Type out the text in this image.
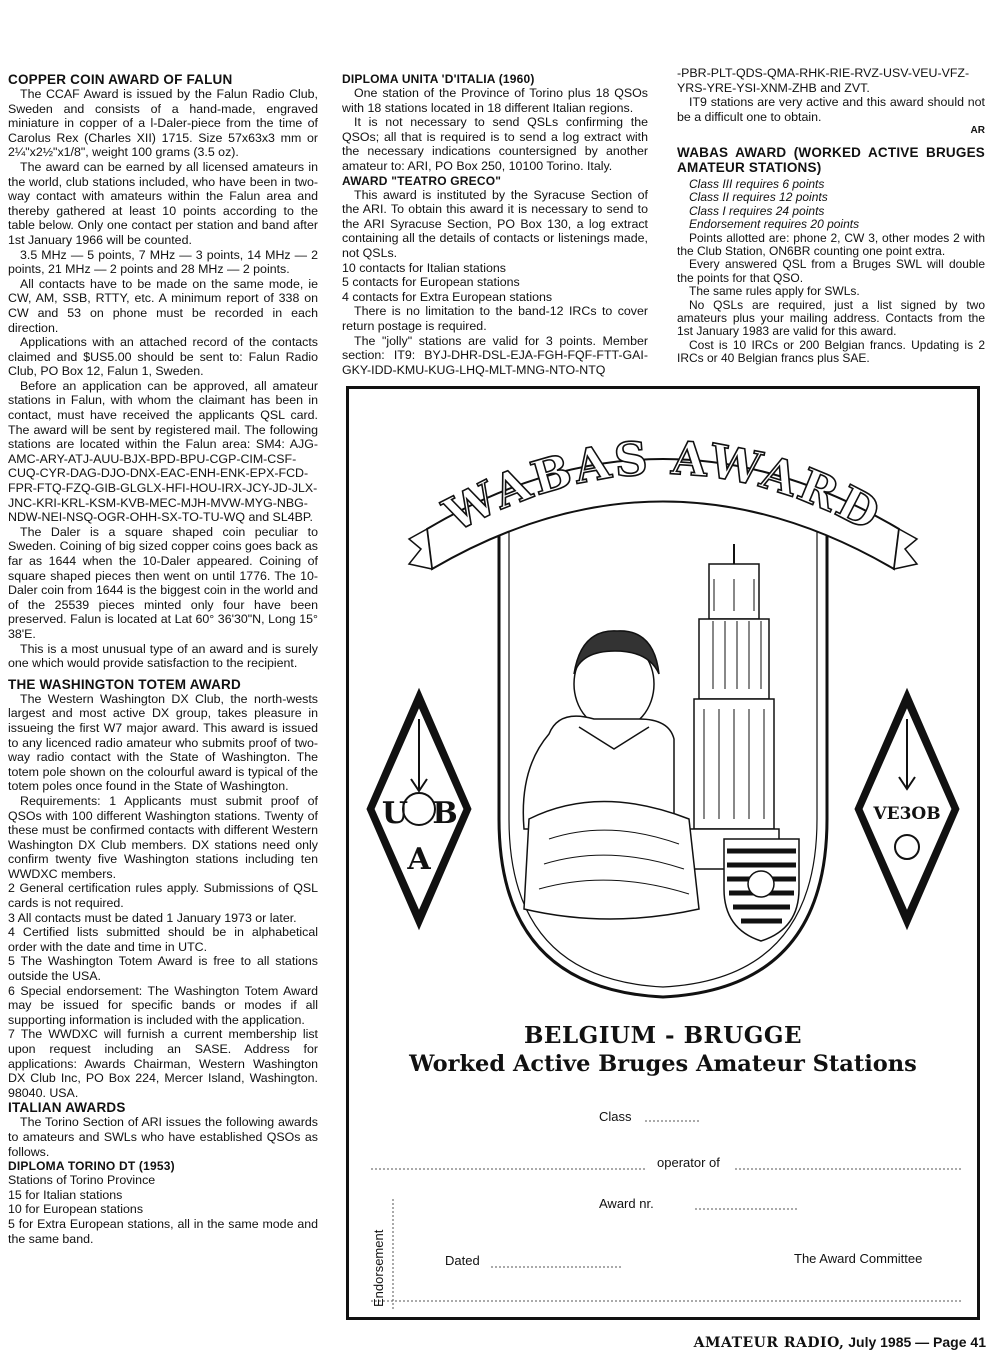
COPPER COIN AWARD OF FALUN

The CCAF Award is issued by the Falun Radio Club, Sweden and consists of a hand-made, engraved miniature in copper of a l-Daler-piece from the time of Carolus Rex (Charles XII) 1715. Size 57x63x3 mm or 2¼"x2½"x1/8", weight 100 grams (3.5 oz).

The award can be earned by all licensed amateurs in the world, club stations included, who have been in two-way contact with amateurs within the Falun area and thereby gathered at least 10 points according to the table below. Only one contact per station and band after 1st January 1966 will be counted.

3.5 MHz — 5 points, 7 MHz — 3 points, 14 MHz — 2 points, 21 MHz — 2 points and 28 MHz — 2 points.

All contacts have to be made on the same mode, ie CW, AM, SSB, RTTY, etc. A minimum report of 338 on CW and 53 on phone must be recorded in each direction.

Applications with an attached record of the contacts claimed and $US5.00 should be sent to: Falun Radio Club, PO Box 12, Falun 1, Sweden.

Before an application can be approved, all amateur stations in Falun, with whom the claimant has been in contact, must have received the applicants QSL card. The award will be sent by registered mail. The following stations are located within the Falun area: SM4: AJG-AMC-ARY-ATJ-AUU-BJX-BPD-BPU-CGP-CIM-CSF-CUQ-CYR-DAG-DJO-DNX-EAC-ENH-ENK-EPX-FCD-FPR-FTQ-FZQ-GIB-GLGLX-HFI-HOU-IRX-JCY-JD-JLX-JNC-KRI-KRL-KSM-KVB-MEC-MJH-MVW-MYG-NBG-NDW-NEI-NSQ-OGR-OHH-SX-TO-TU-WQ and SL4BP.

The Daler is a square shaped coin peculiar to Sweden. Coining of big sized copper coins goes back as far as 1644 when the 10-Daler appeared. Coining of square shaped pieces then went on until 1776. The 10-Daler coin from 1644 is the biggest coin in the world and of the 25539 pieces minted only four have been preserved. Falun is located at Lat 60° 36'30"N, Long 15° 38'E.

This is a most unusual type of an award and is surely one which would provide satisfaction to the recipient.

THE WASHINGTON TOTEM AWARD

The Western Washington DX Club, the north-wests largest and most active DX group, takes pleasure in issueing the first W7 major award. This award is issued to any licenced radio amateur who submits proof of two-way radio contact with the State of Washington. The totem pole shown on the colourful award is typical of the totem poles once found in the State of Washington.

Requirements: 1 Applicants must submit proof of QSOs with 100 different Washington stations. Twenty of these must be confirmed contacts with different Western Washington DX Club members. DX stations need only confirm twenty five Washington stations including ten WWDXC members.

2 General certification rules apply. Submissions of QSL cards is not required.

3 All contacts must be dated 1 January 1973 or later.

4 Certified lists submitted should be in alphabetical order with the date and time in UTC.

5 The Washington Totem Award is free to all stations outside the USA.

6 Special endorsement: The Washington Totem Award may be issued for specific bands or modes if all supporting information is included with the application.

7 The WWDXC will furnish a current membership list upon request including an SASE. Address for applications: Awards Chairman, Western Washington DX Club Inc, PO Box 224, Mercer Island, Washington. 98040. USA.

ITALIAN AWARDS

The Torino Section of ARI issues the following awards to amateurs and SWLs who have established QSOs as follows.

DIPLOMA TORINO DT (1953)

Stations of Torino Province

15 for Italian stations

10 for European stations

5 for Extra European stations, all in the same mode and the same band.

DIPLOMA UNITA 'D'ITALIA (1960)

One station of the Province of Torino plus 18 QSOs with 18 stations located in 18 different Italian regions.

It is not necessary to send QSLs confirming the QSOs; all that is required is to send a log extract with the necessary indications countersigned by another amateur to: ARI, PO Box 250, 10100 Torino. Italy.

AWARD "TEATRO GRECO"

This award is instituted by the Syracuse Section of the ARI. To obtain this award it is necessary to send to the ARI Syracuse Section, PO Box 130, a log extract containing all the details of contacts or listenings made, not QSLs.

10 contacts for Italian stations

5 contacts for European stations

4 contacts for Extra European stations

There is no limitation to the band-12 IRCs to cover return postage is required.

The "jolly" stations are valid for 3 points. Member section: IT9: BYJ-DHR-DSL-EJA-FGH-FQF-FTT-GAI-GKY-IDD-KMU-KUG-LHQ-MLT-MNG-NTO-NTQ

-PBR-PLT-QDS-QMA-RHK-RIE-RVZ-USV-VEU-VFZ-YRS-YRE-YSI-XNM-ZHB and ZVT.

IT9 stations are very active and this award should not be a difficult one to obtain.

AR

WABAS AWARD (WORKED ACTIVE BRUGES AMATEUR STATIONS)

Class III requires 6 points

Class II requires 12 points

Class I requires 24 points

Endorsement requires 20 points

Points allotted are: phone 2, CW 3, other modes 2 with the Club Station, ON6BR counting one point extra.

Every answered QSL from a Bruges SWL will double the points for that QSO.

The same rules apply for SWLs.

No QSLs are required, just a list signed by two amateurs plus your mailing address. Contacts from the 1st January 1983 are valid for this award.

Cost is 10 IRCs or 200 Belgian francs. Updating is 2 IRCs or 40 Belgian francs plus SAE.

WABAS AWARD
U B
A
VE3OB
BELGIUM - BRUGGE
Worked Active Bruges Amateur Stations
Class
operator of
Award nr.
Dated	The Award Committee
Endorsement
AMATEUR RADIO, July 1985 — Page 41
